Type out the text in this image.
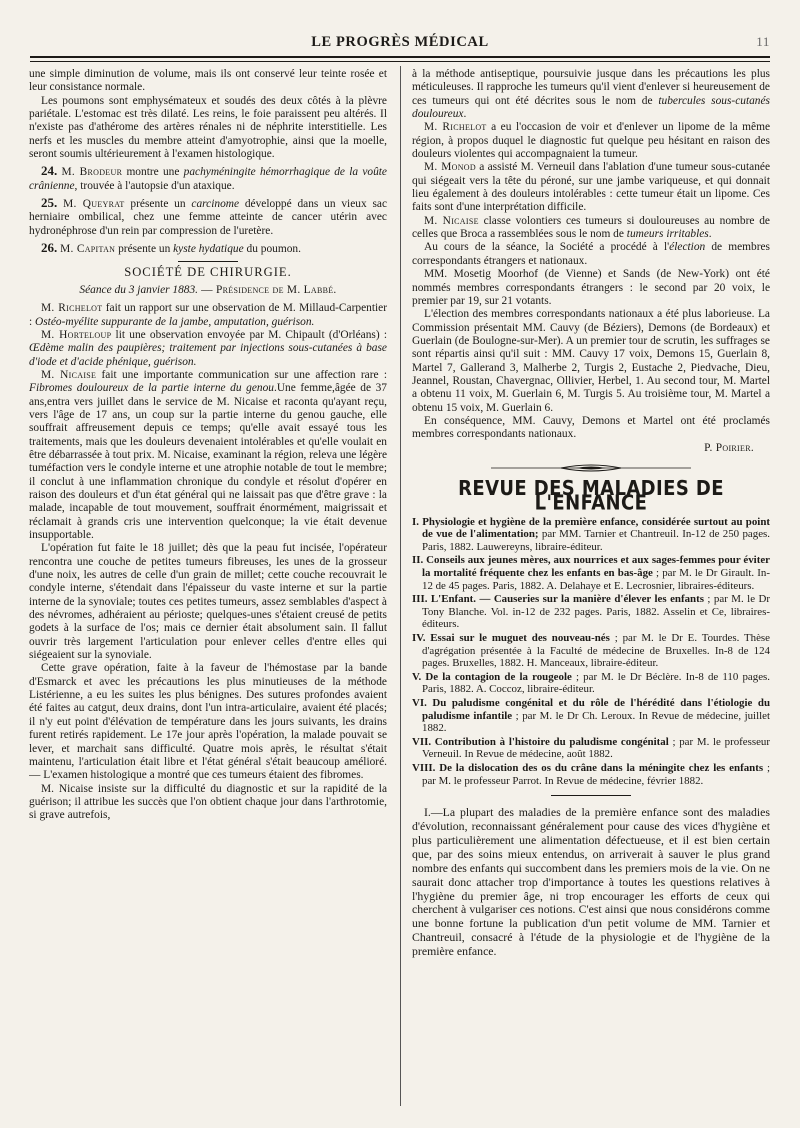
LE PROGRÈS MÉDICAL	11

une simple diminution de volume, mais ils ont conservé leur teinte rosée et leur consistance normale.

Les poumons sont emphysémateux et soudés des deux côtés à la plèvre pariétale. L'estomac est très dilaté. Les reins, le foie paraissent peu altérés. Il n'existe pas d'athérome des artères rénales ni de néphrite interstitielle. Les nerfs et les muscles du membre atteint d'amyotrophie, ainsi que la moelle, seront soumis ultérieurement à l'examen histologique.

24. M. Brodeur montre une pachyméningite hémorrhagique de la voûte crânienne, trouvée à l'autopsie d'un ataxique.

25. M. Queyrat présente un carcinome développé dans un vieux sac herniaire ombilical, chez une femme atteinte de cancer utérin avec hydronéphrose d'un rein par compression de l'uretère.

26. M. Capitan présente un kyste hydatique du poumon.

SOCIÉTÉ DE CHIRURGIE.

Séance du 3 janvier 1883. — Présidence de M. Labbé.

M. Richelot fait un rapport sur une observation de M. Millaud-Carpentier : Ostéo-myélite suppurante de la jambe, amputation, guérison.

M. Horteloup lit une observation envoyée par M. Chipault (d'Orléans) : Œdème malin des paupières; traitement par injections sous-cutanées à base d'iode et d'acide phénique, guérison.

M. Nicaise fait une importante communication sur une affection rare : Fibromes douloureux de la partie interne du genou.Une femme,âgée de 37 ans,entra vers juillet dans le service de M. Nicaise et raconta qu'ayant reçu, vers l'âge de 17 ans, un coup sur la partie interne du genou gauche, elle souffrait affreusement depuis ce temps; qu'elle avait essayé tous les traitements, mais que les douleurs devenaient intolérables et qu'elle voulait en être débarrassée à tout prix. M. Nicaise, examinant la région, releva une légère tuméfaction vers le condyle interne et une atrophie notable de tout le membre; il conclut à une inflammation chronique du condyle et résolut d'opérer en raison des douleurs et d'un état général qui ne laissait pas que d'être grave : la malade, incapable de tout mouvement, souffrait énormément, maigrissait et réclamait à grands cris une intervention quelconque; la vie était devenue insupportable.

L'opération fut faite le 18 juillet; dès que la peau fut incisée, l'opérateur rencontra une couche de petites tumeurs fibreuses, les unes de la grosseur d'une noix, les autres de celle d'un grain de millet; cette couche recouvrait le condyle interne, s'étendait dans l'épaisseur du vaste interne et sur la partie interne de la synoviale; toutes ces petites tumeurs, assez semblables d'aspect à des névromes, adhéraient au périoste; quelques-unes s'étaient creusé de petits godets à la surface de l'os; mais ce dernier était absolument sain. Il fallut ouvrir très largement l'articulation pour enlever celles d'entre elles qui siégeaient sur la synoviale.

Cette grave opération, faite à la faveur de l'hémostase par la bande d'Esmarck et avec les précautions les plus minutieuses de la méthode Listérienne, a eu les suites les plus bénignes. Des sutures profondes avaient été faites au catgut, deux drains, dont l'un intra-articulaire, avaient été placés; il n'y eut point d'élévation de température dans les jours suivants, les drains furent retirés rapidement. Le 17e jour après l'opération, la malade pouvait se lever, et marchait sans difficulté. Quatre mois après, le résultat s'était maintenu, l'articulation était libre et l'état général s'était beaucoup amélioré. — L'examen histologique a montré que ces tumeurs étaient des fibromes.

M. Nicaise insiste sur la difficulté du diagnostic et sur la rapidité de la guérison; il attribue les succès que l'on obtient chaque jour dans l'arthrotomie, si grave autrefois,

à la méthode antiseptique, poursuivie jusque dans les précautions les plus méticuleuses. Il rapproche les tumeurs qu'il vient d'enlever si heureusement de ces tumeurs qui ont été décrites sous le nom de tubercules sous-cutanés douloureux.

M. Richelot a eu l'occasion de voir et d'enlever un lipome de la même région, à propos duquel le diagnostic fut quelque peu hésitant en raison des douleurs violentes qui accompagnaient la tumeur.

M. Monod a assisté M. Verneuil dans l'ablation d'une tumeur sous-cutanée qui siégeait vers la tête du péroné, sur une jambe variqueuse, et qui donnait lieu également à des douleurs intolérables : cette tumeur était un lipome. Ces faits sont d'une interprétation difficile.

M. Nicaise classe volontiers ces tumeurs si douloureuses au nombre de celles que Broca a rassemblées sous le nom de tumeurs irritables.

Au cours de la séance, la Société a procédé à l'élection de membres correspondants étrangers et nationaux.

MM. Mosetig Moorhof (de Vienne) et Sands (de New-York) ont été nommés membres correspondants étrangers : le second par 20 voix, le premier par 19, sur 21 votants.

L'élection des membres correspondants nationaux a été plus laborieuse. La Commission présentait MM. Cauvy (de Béziers), Demons (de Bordeaux) et Guerlain (de Boulogne-sur-Mer). A un premier tour de scrutin, les suffrages se sont répartis ainsi qu'il suit : MM. Cauvy 17 voix, Demons 15, Guerlain 8, Martel 7, Gallerand 3, Malherbe 2, Turgis 2, Eustache 2, Piedvache, Dieu, Jeannel, Roustan, Chavergnac, Ollivier, Herbel, 1. Au second tour, M. Martel a obtenu 11 voix, M. Guerlain 6, M. Turgis 5. Au troisième tour, M. Martel a obtenu 15 voix, M. Guerlain 6.

En conséquence, MM. Cauvy, Demons et Martel ont été proclamés membres correspondants nationaux.

P. Poirier.

REVUE DES MALADIES DE L'ENFANCE

I. Physiologie et hygiène de la première enfance, considérée surtout au point de vue de l'alimentation; par MM. Tarnier et Chantreuil. In-12 de 250 pages. Paris, 1882. Lauwereyns, libraire-éditeur.

II. Conseils aux jeunes mères, aux nourrices et aux sages-femmes pour éviter la mortalité fréquente chez les enfants en bas-âge ; par M. le Dr Girault. In-12 de 45 pages. Paris, 1882. A. Delahaye et E. Lecrosnier, libraires-éditeurs.

III. L'Enfant. — Causeries sur la manière d'élever les enfants ; par M. le Dr Tony Blanche. Vol. in-12 de 232 pages. Paris, 1882. Asselin et Ce, libraires-éditeurs.

IV. Essai sur le muguet des nouveau-nés ; par M. le Dr E. Tourdes. Thèse d'agrégation présentée à la Faculté de médecine de Bruxelles. In-8 de 124 pages. Bruxelles, 1882. H. Manceaux, libraire-éditeur.

V. De la contagion de la rougeole ; par M. le Dr Béclère. In-8 de 110 pages. Paris, 1882. A. Coccoz, libraire-éditeur.

VI. Du paludisme congénital et du rôle de l'hérédité dans l'étiologie du paludisme infantile ; par M. le Dr Ch. Leroux. In Revue de médecine, juillet 1882.

VII. Contribution à l'histoire du paludisme congénital ; par M. le professeur Verneuil. In Revue de médecine, août 1882.

VIII. De la dislocation des os du crâne dans la méningite chez les enfants ; par M. le professeur Parrot. In Revue de médecine, février 1882.

I.—La plupart des maladies de la première enfance sont des maladies d'évolution, reconnaissant généralement pour cause des vices d'hygiène et plus particulièrement une alimentation défectueuse, et il est bien certain que, par des soins mieux entendus, on arriverait à sauver le plus grand nombre des enfants qui succombent dans les premiers mois de la vie. On ne saurait donc attacher trop d'importance à toutes les questions relatives à l'hygiène du premier âge, ni trop encourager les efforts de ceux qui cherchent à vulgariser ces notions. C'est ainsi que nous considérons comme une bonne fortune la publication d'un petit volume de MM. Tarnier et Chantreuil, consacré à l'étude de la physiologie et de l'hygiène de la première enfance.
